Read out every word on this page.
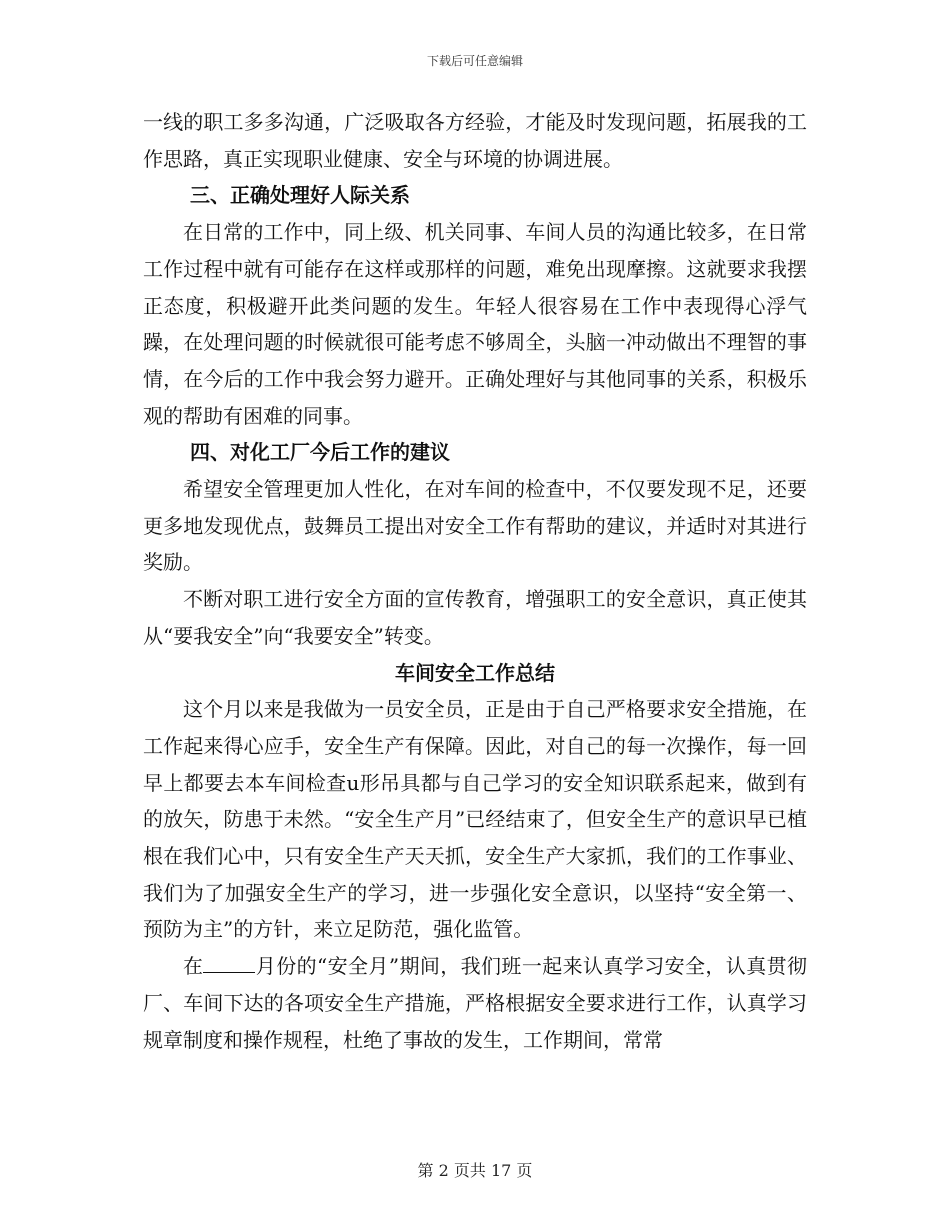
下载后可任意编辑

一线的职工多多沟通，广泛吸取各方经验，才能及时发现问题，拓展我的工作思路，真正实现职业健康、安全与环境的协调进展。

三、正确处理好人际关系

在日常的工作中，同上级、机关同事、车间人员的沟通比较多，在日常工作过程中就有可能存在这样或那样的问题，难免出现摩擦。这就要求我摆正态度，积极避开此类问题的发生。年轻人很容易在工作中表现得心浮气躁，在处理问题的时候就很可能考虑不够周全，头脑一冲动做出不理智的事情，在今后的工作中我会努力避开。正确处理好与其他同事的关系，积极乐观的帮助有困难的同事。

四、对化工厂今后工作的建议

希望安全管理更加人性化，在对车间的检查中，不仅要发现不足，还要更多地发现优点，鼓舞员工提出对安全工作有帮助的建议，并适时对其进行奖励。

不断对职工进行安全方面的宣传教育，增强职工的安全意识，真正使其从“要我安全”向“我要安全”转变。

车间安全工作总结

这个月以来是我做为一员安全员，正是由于自己严格要求安全措施，在工作起来得心应手，安全生产有保障。因此，对自己的每一次操作，每一回早上都要去本车间检查u形吊具都与自己学习的安全知识联系起来，做到有的放矢，防患于未然。“安全生产月”已经结束了，但安全生产的意识早已植根在我们心中，只有安全生产天天抓，安全生产大家抓，我们的工作事业、我们为了加强安全生产的学习，进一步强化安全意识，以坚持“安全第一、预防为主”的方针，来立足防范，强化监管。

在	月份的“安全月”期间，我们班一起来认真学习安全，认真贯彻厂、车间下达的各项安全生产措施，严格根据安全要求进行工作，认真学习规章制度和操作规程，杜绝了事故的发生，工作期间，常常

第 2 页共 17 页
